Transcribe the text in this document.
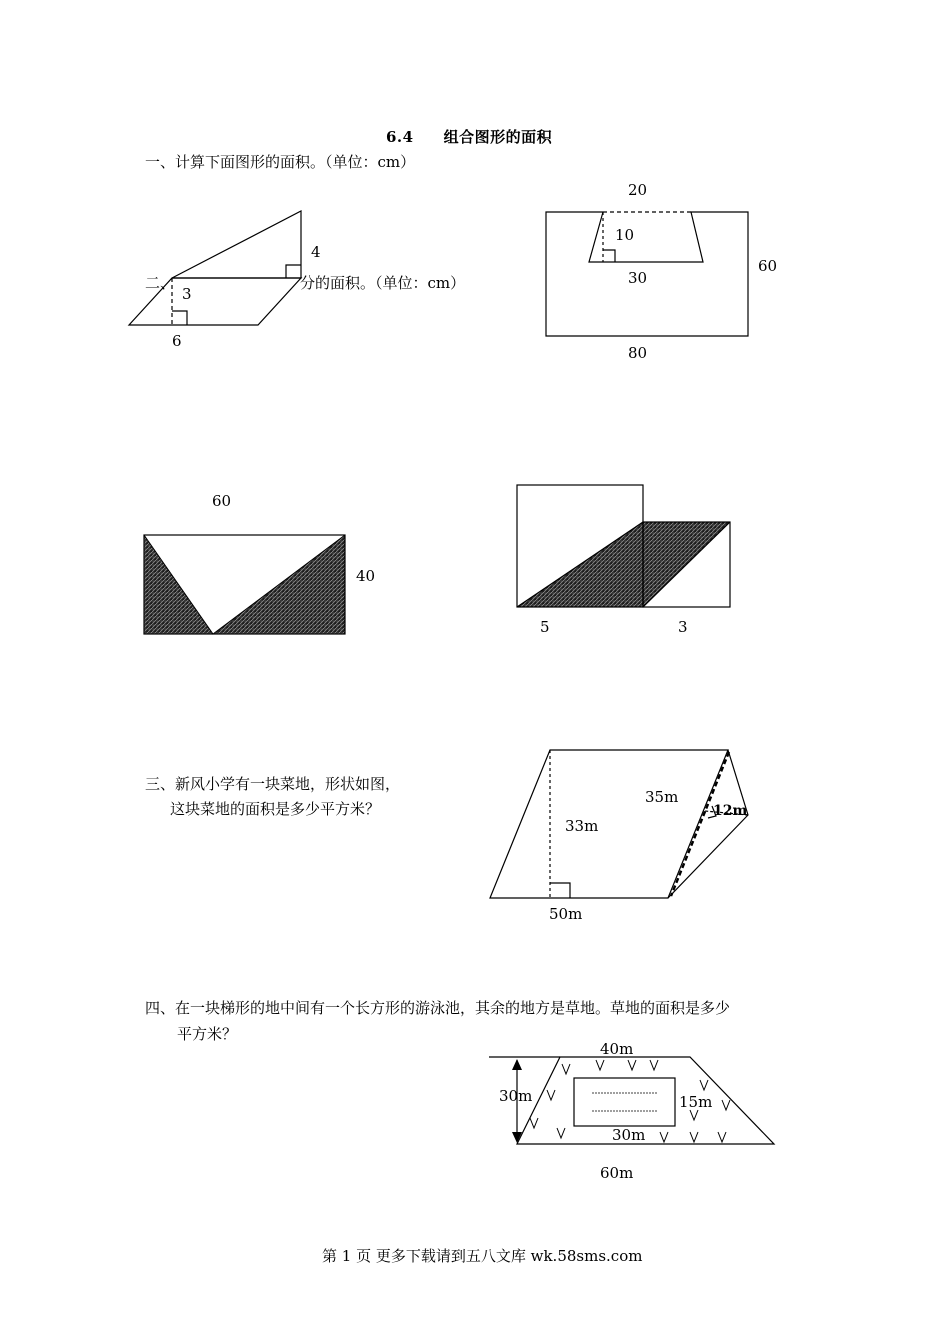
6.4 组合图形的面积
一、计算下面图形的面积。（单位：cm）
4
3
6
二、	分的面积。（单位：cm）
20
10
30
60
80
60
40
5	3
三、新风小学有一块菜地，形状如图，
这块菜地的面积是多少平方米？
35m
12m
33m
50m
四、在一块梯形的地中间有一个长方形的游泳池，其余的地方是草地。草地的面积是多少
平方米？
40m
30m	15m
30m
60m
第 1 页 更多下载请到五八文库 wk.58sms.com
